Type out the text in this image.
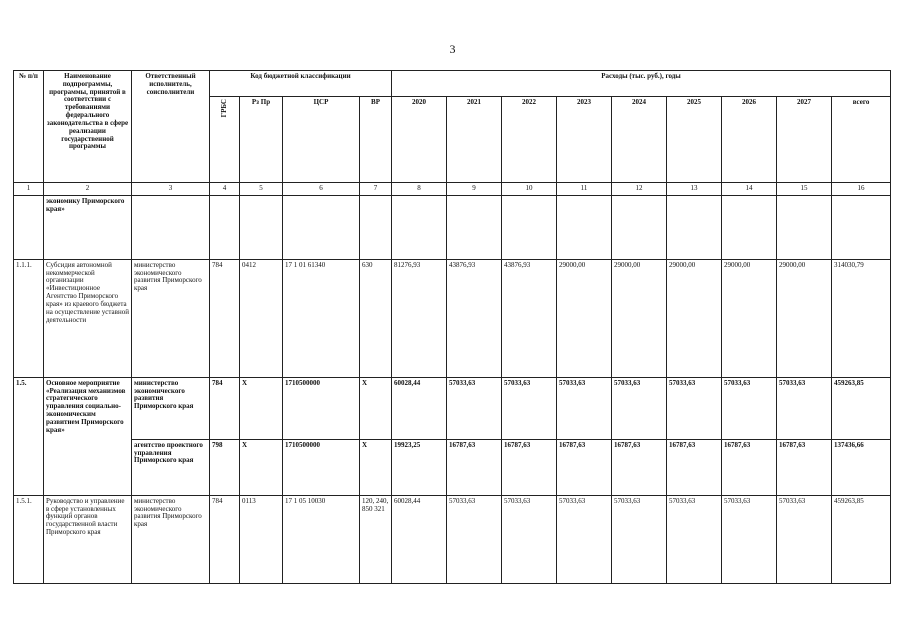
3
№ п/п	Наименование подпрограммы, программы, принятой в соответствии с требованиями федерального законодательства в сфере реализации государственной программы	Ответственный исполнитель, соисполнители	Код бюджетной классификации				Расходы (тыс. руб.), годы									
			ГРБС	Рз Пр	ЦСР	ВР	2020	2021	2022	2023	2024	2025	2026	2027	всего	
1	2	3	4	5	6	7	8	9	10	11	12	13	14	15	16	
	экономику Приморского края»															
1.1.1.	Субсидия автономной некоммерческой организации «Инвестиционное Агентство Приморского края» из краевого бюджета на осуществление уставной деятельности	министерство экономического развития Приморского края	784	0412	17 1 01 61340	630	81276,93	43876,93	43876,93	29000,00	29000,00	29000,00	29000,00	29000,00	314030,79	
1.5.	Основное мероприятие «Реализация механизмов стратегического управления социально-экономическим развитием Приморского края»	министерство экономического развития Приморского края	784	X	1710500000	X	60028,44	57033,63	57033,63	57033,63	57033,63	57033,63	57033,63	57033,63	459263,85	
		агентство проектного управления Приморского края	798	X	1710500000	X	19923,25	16787,63	16787,63	16787,63	16787,63	16787,63	16787,63	16787,63	137436,66	
1.5.1.	Руководство и управление в сфере установленных функций органов государственной власти Приморского края	министерство экономического развития Приморского края	784	0113	17 1 05 10030	120, 240, 850 321	60028,44	57033,63	57033,63	57033,63	57033,63	57033,63	57033,63	57033,63	459263,85	
